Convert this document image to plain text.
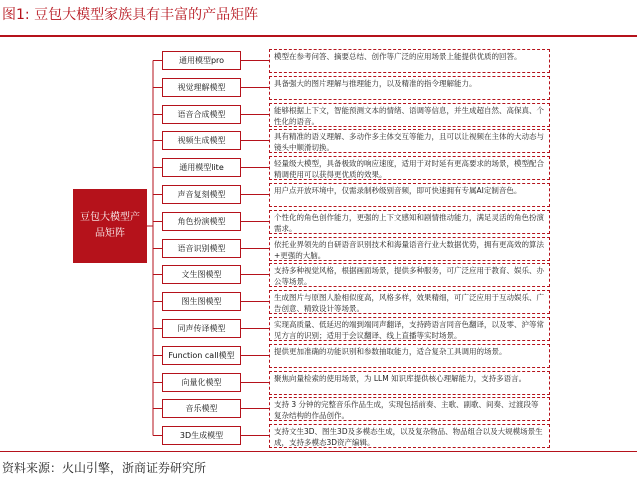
图1: 豆包大模型家族具有丰富的产品矩阵
豆包大模型产品矩阵
通用模型pro	模型在参考问答、摘要总结、创作等广泛的应用场景上能提供优质的回答。
视觉理解模型	具备强大的图片理解与推理能力，以及精准的指令理解能力。
语音合成模型	能够根据上下文，智能预测文本的情绪、语调等信息，并生成超自然、高保真、个性化的语音。
视频生成模型	具有精准的语义理解、多动作多主体交互等能力，且可以让视频在主体的大动态与镜头中顺滑切换。
通用模型lite	轻量级大模型，具备极致的响应速度，适用于对时延有更高要求的场景，模型配合精调使用可以获得更优质的效果。
声音复刻模型	用户点开放环境中，仅需录制秒级别音频，即可快速拥有专属AI定制音色。
角色扮演模型	个性化的角色创作能力，更强的上下文感知和剧情推动能力，满足灵活的角色扮演需求。
语音识别模型	依托业界领先的自研语音识别技术和海量语音行业大数据优势，拥有更高效的算法+更强的大脑。
文生图模型	支持多种视觉风格，根据画面场景，提供多种服务，可广泛应用于教育、娱乐、办公等场景。
图生图模型	生成图片与原图人脸相似度高，风格多样，效果精细，可广泛应用于互动娱乐、广告创意、精致设计等场景。
同声传译模型	实现高质量、低延迟的端到端同声翻译，支持跨语言同音色翻译，以及零、沪等常见方言的识别；适用于会议翻译、线上直播等实时场景。
Function call模型	提供更加准确的功能识别和参数抽取能力，适合复杂工具调用的场景。
向量化模型	聚焦向量检索的使用场景，为 LLM 知识库提供核心理解能力，支持多语言。
音乐模型	支持 3 分钟的完整音乐作品生成，实现包括前奏、主歌、副歌、间奏、过渡段等复杂结构的作品创作。
3D生成模型	支持文生3D、图生3D及多模态生成，以及复杂物品、物品组合以及大规模场景生成，支持多模态3D资产编辑。
资料来源：火山引擎，浙商证券研究所
